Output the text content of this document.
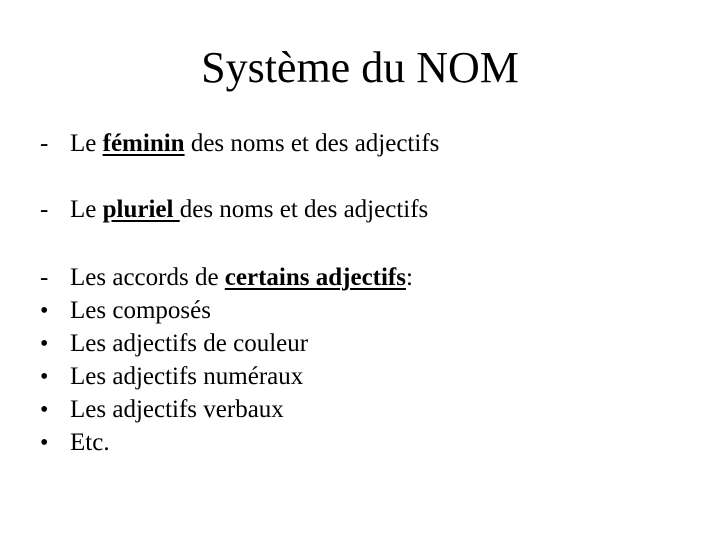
Système du NOM
- Le féminin des noms et des adjectifs
- Le pluriel des noms et des adjectifs
- Les accords de certains adjectifs:
• Les composés
• Les adjectifs de couleur
• Les adjectifs numéraux
• Les adjectifs verbaux
• Etc.
